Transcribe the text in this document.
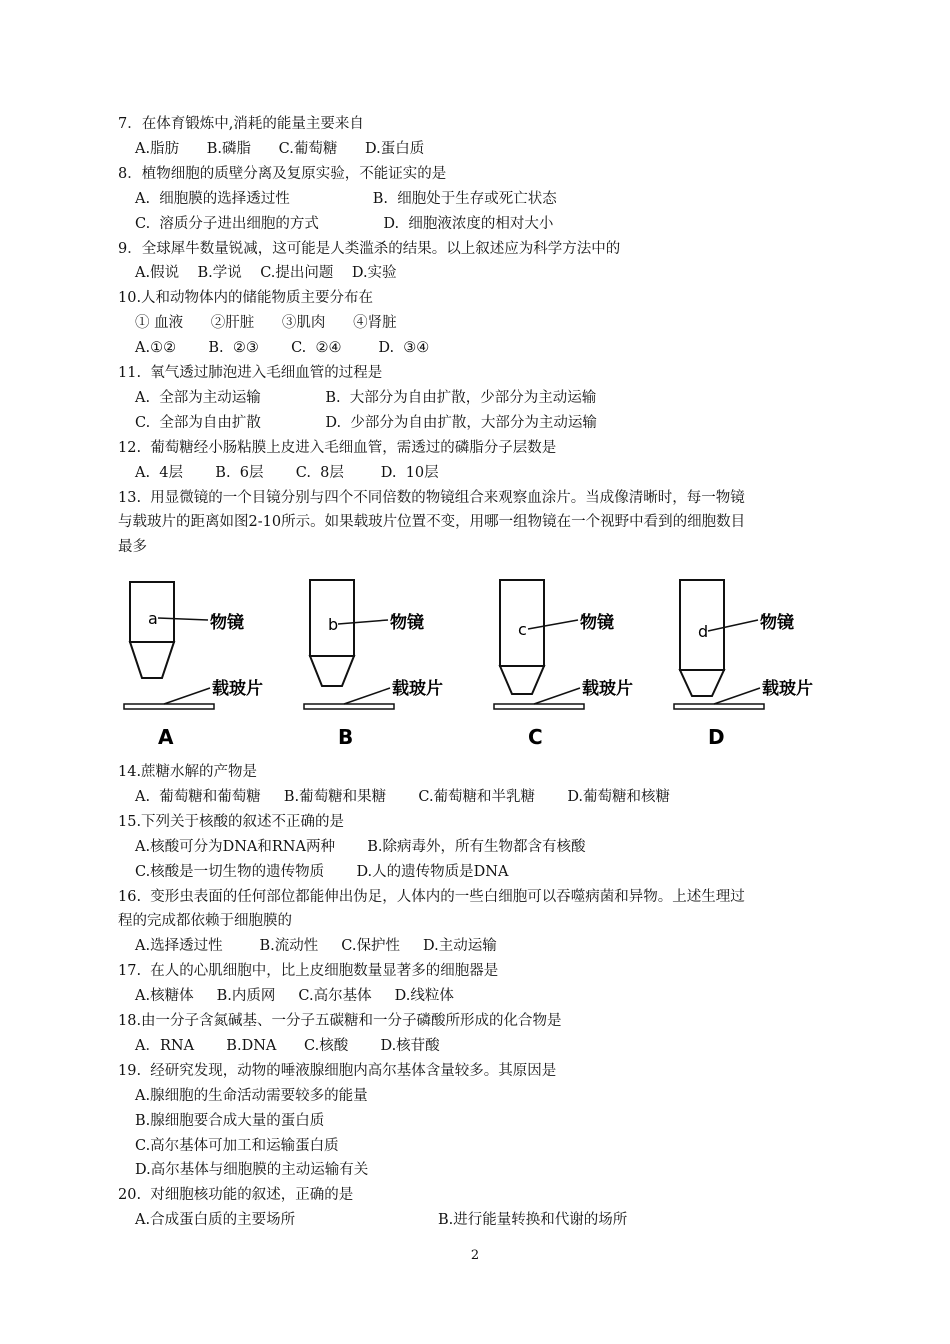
7．在体育锻炼中,消耗的能量主要来自
A.脂肪      B.磷脂      C.葡萄糖      D.蛋白质
8．植物细胞的质壁分离及复原实验，不能证实的是
A.  细胞膜的选择透过性                  B.  细胞处于生存或死亡状态
C.  溶质分子进出细胞的方式              D.  细胞液浓度的相对大小
9．全球犀牛数量锐减，这可能是人类滥杀的结果。以上叙述应为科学方法中的
A.假说    B.学说    C.提出问题    D.实验
10.人和动物体内的储能物质主要分布在
① 血液      ②肝脏      ③肌肉      ④肾脏
A.①②       B.  ②③       C.  ②④        D.  ③④
11.  氧气透过肺泡进入毛细血管的过程是
A.  全部为主动运输              B.  大部分为自由扩散，少部分为主动运输
C.  全部为自由扩散              D.  少部分为自由扩散，大部分为主动运输
12.  葡萄糖经小肠粘膜上皮进入毛细血管，需透过的磷脂分子层数是
A.  4层       B.  6层       C.  8层        D.  10层
13.  用显微镜的一个目镜分别与四个不同倍数的物镜组合来观察血涂片。当成像清晰时，每一物镜
与载玻片的距离如图2-10所示。如果载玻片位置不变，用哪一组物镜在一个视野中看到的细胞数目
最多
14.蔗糖水解的产物是
A.  葡萄糖和葡萄糖     B.葡萄糖和果糖       C.葡萄糖和半乳糖       D.葡萄糖和核糖
15.下列关于核酸的叙述不正确的是
A.核酸可分为DNA和RNA两种       B.除病毒外，所有生物都含有核酸
C.核酸是一切生物的遗传物质       D.人的遗传物质是DNA
16.  变形虫表面的任何部位都能伸出伪足，人体内的一些白细胞可以吞噬病菌和异物。上述生理过
程的完成都依赖于细胞膜的
A.选择透过性        B.流动性     C.保护性     D.主动运输
17.  在人的心肌细胞中，比上皮细胞数量显著多的细胞器是
A.核糖体     B.内质网     C.高尔基体     D.线粒体
18.由一分子含氮碱基、一分子五碳糖和一分子磷酸所形成的化合物是
A．RNA       B.DNA      C.核酸       D.核苷酸
19.  经研究发现，动物的唾液腺细胞内高尔基体含量较多。其原因是
A.腺细胞的生命活动需要较多的能量
B.腺细胞要合成大量的蛋白质
C.高尔基体可加工和运输蛋白质
D.高尔基体与细胞膜的主动运输有关
20.  对细胞核功能的叙述，正确的是
A.合成蛋白质的主要场所                               B.进行能量转换和代谢的场所
a	物镜
载玻片
A
b	物镜
载玻片
B
c	物镜
载玻片
C
d	物镜
载玻片
D
2
